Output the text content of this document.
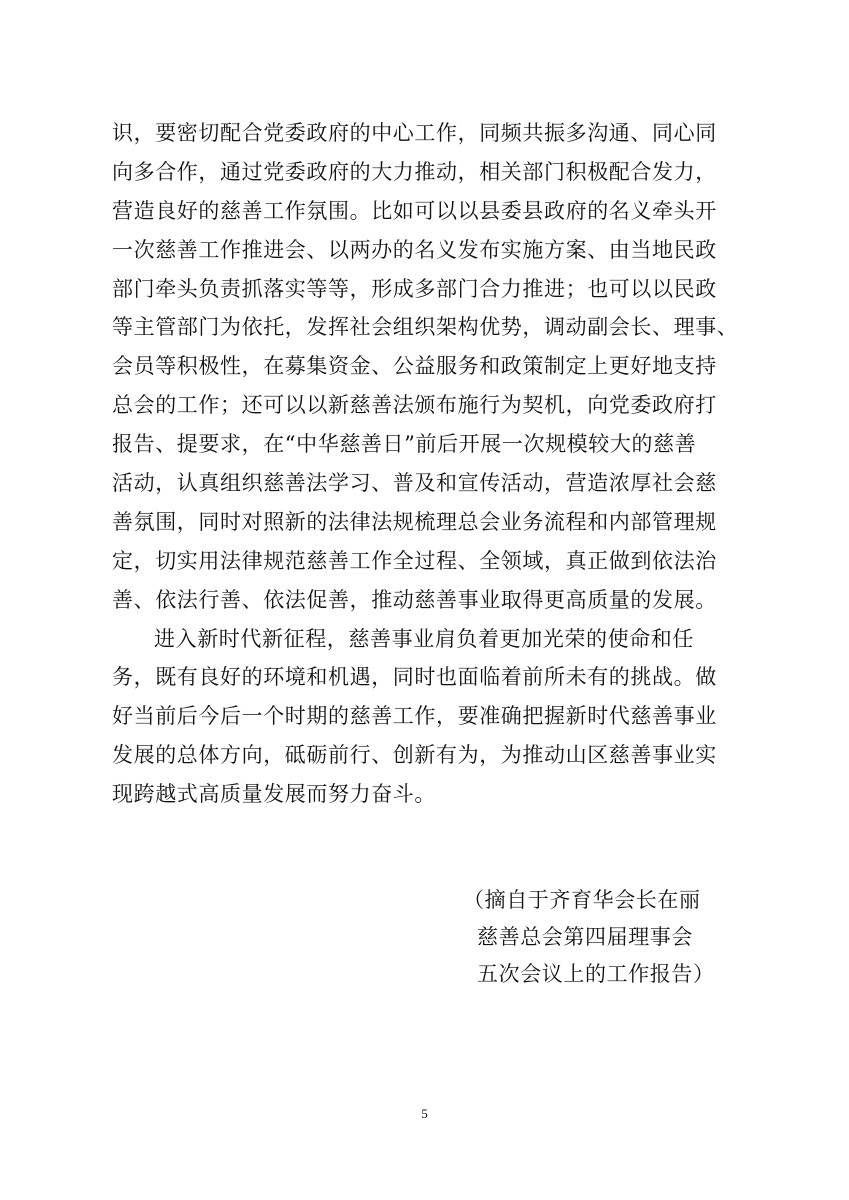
识，要密切配合党委政府的中心工作，同频共振多沟通、同心同
向多合作，通过党委政府的大力推动，相关部门积极配合发力，
营造良好的慈善工作氛围。比如可以以县委县政府的名义牵头开
一次慈善工作推进会、以两办的名义发布实施方案、由当地民政
部门牵头负责抓落实等等，形成多部门合力推进；也可以以民政
等主管部门为依托，发挥社会组织架构优势，调动副会长、理事、
会员等积极性，在募集资金、公益服务和政策制定上更好地支持
总会的工作；还可以以新慈善法颁布施行为契机，向党委政府打
报告、提要求，在“中华慈善日”前后开展一次规模较大的慈善
活动，认真组织慈善法学习、普及和宣传活动，营造浓厚社会慈
善氛围，同时对照新的法律法规梳理总会业务流程和内部管理规
定，切实用法律规范慈善工作全过程、全领域，真正做到依法治
善、依法行善、依法促善，推动慈善事业取得更高质量的发展。
进入新时代新征程，慈善事业肩负着更加光荣的使命和任
务，既有良好的环境和机遇，同时也面临着前所未有的挑战。做
好当前后今后一个时期的慈善工作，要准确把握新时代慈善事业
发展的总体方向，砥砺前行、创新有为，为推动山区慈善事业实
现跨越式高质量发展而努力奋斗。
（摘自于齐育华会长在丽
慈善总会第四届理事会
五次会议上的工作报告）
5
